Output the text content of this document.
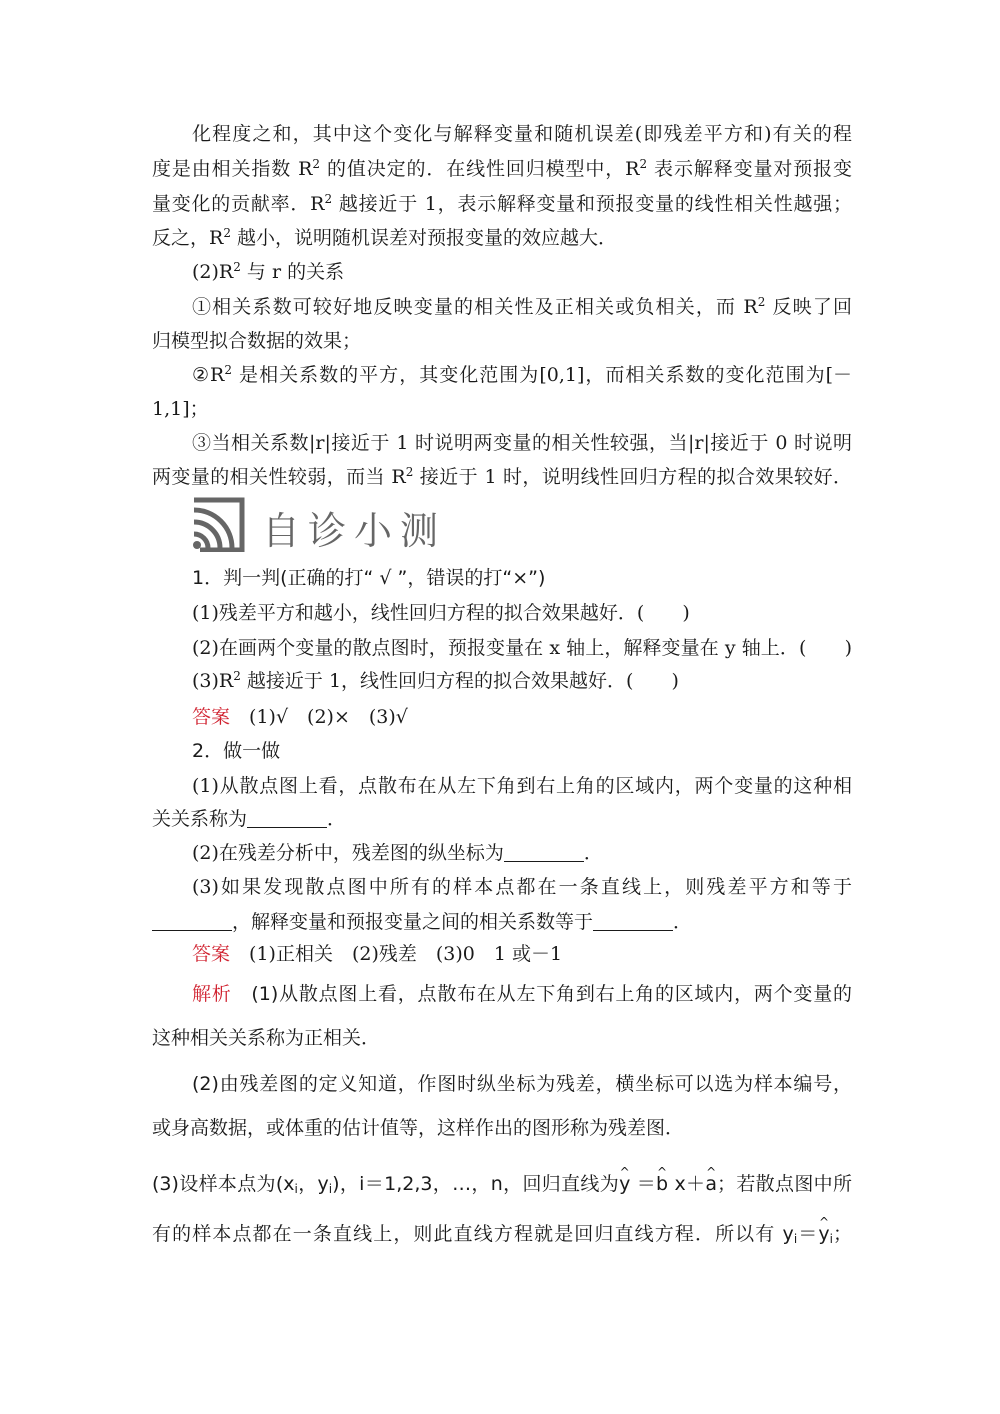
化程度之和，其中这个变化与解释变量和随机误差(即残差平方和)有关的程
度是由相关指数 $R^2$ 的值决定的．在线性回归模型中，$R^2$ 表示解释变量对预报变
量变化的贡献率．$R^2$ 越接近于 1，表示解释变量和预报变量的线性相关性越强；
反之，$R^2$ 越小，说明随机误差对预报变量的效应越大．
$(2)R^2$ 与 r 的关系
①相关系数可较好地反映变量的相关性及正相关或负相关，而 $R^2$ 反映了回
归模型拟合数据的效果；
$②R^2$ 是相关系数的平方，其变化范围为[0,1]，而相关系数的变化范围为[－
1,1]；
③当相关系数|r|接近于 1 时说明两变量的相关性较强，当|r|接近于 0 时说明
两变量的相关性较弱，而当 $R^2$ 接近于 1 时，说明线性回归方程的拟合效果较好．
自诊小测
1．判一判(正确的打“ √ ”，错误的打“×”)
(1)残差平方和越小，线性回归方程的拟合效果越好．(　　)
(2)在画两个变量的散点图时，预报变量在 x 轴上，解释变量在 y 轴上．(　　)
$(3)R^2$ 越接近于 1，线性回归方程的拟合效果越好．(　　)
答案　 (1)√　(2)×　(3)√
2．做一做
(1)从散点图上看，点散布在从左下角到右上角的区域内，两个变量的这种相
关关系称为	．
(2)在残差分析中，残差图的纵坐标为	．
(3)如果发现散点图中所有的样本点都在一条直线上，则残差平方和等于
，解释变量和预报变量之间的相关系数等于	．
答案　 (1)正相关　(2)残差　(3)0　1 或－1
解析　 (1)从散点图上看，点散布在从左下角到右上角的区域内，两个变量的
这种相关关系称为正相关．
(2)由残差图的定义知道，作图时纵坐标为残差，横坐标可以选为样本编号，
或身高数据，或体重的估计值等，这样作出的图形称为残差图．
(3)设样本点为($x_i$，$y_i$)，i＝1,2,3，…，n，回归直线为^ y ＝^ b x＋^ a；若散点图中所
有的样本点都在一条直线上，则此直线方程就是回归直线方程．所以有 $y_i=\^{}$ $y_i$；
